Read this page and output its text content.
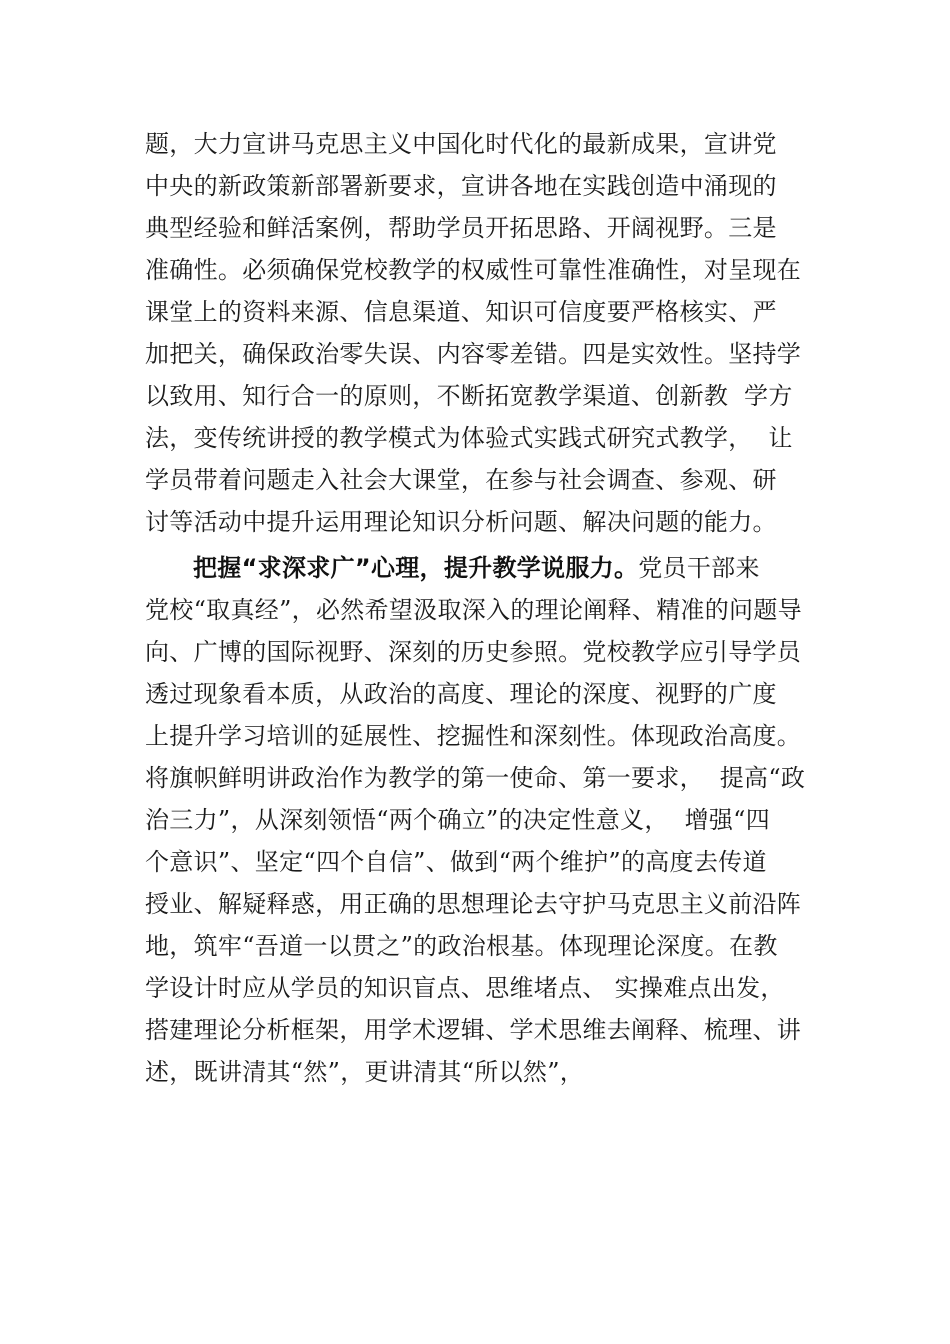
题，大力宣讲马克思主义中国化时代化的最新成果，宣讲党
中央的新政策新部署新要求，宣讲各地在实践创造中涌现的
典型经验和鲜活案例，帮助学员开拓思路、开阔视野。三是
准确性。必须确保党校教学的权威性可靠性准确性，对呈现在
课堂上的资料来源、信息渠道、知识可信度要严格核实、严
加把关，确保政治零失误、内容零差错。四是实效性。坚持学
以致用、知行合一的原则，不断拓宽教学渠道、创新教  学方
法，变传统讲授的教学模式为体验式实践式研究式教学，  让
学员带着问题走入社会大课堂，在参与社会调查、参观、研
讨等活动中提升运用理论知识分析问题、解决问题的能力。
把握“求深求广”心理，提升教学说服力。党员干部来
党校“取真经”，必然希望汲取深入的理论阐释、精准的问题导
向、广博的国际视野、深刻的历史参照。党校教学应引导学员
透过现象看本质，从政治的高度、理论的深度、视野的广度
上提升学习培训的延展性、挖掘性和深刻性。体现政治高度。
将旗帜鲜明讲政治作为教学的第一使命、第一要求，  提高“政
治三力”，从深刻领悟“两个确立”的决定性意义，  增强“四
个意识”、坚定“四个自信”、做到“两个维护”的高度去传道
授业、解疑释惑，用正确的思想理论去守护马克思主义前沿阵
地，筑牢“吾道一以贯之”的政治根基。体现理论深度。在教
学设计时应从学员的知识盲点、思维堵点、 实操难点出发，
搭建理论分析框架，用学术逻辑、学术思维去阐释、梳理、讲
述，既讲清其“然”，更讲清其“所以然”，
